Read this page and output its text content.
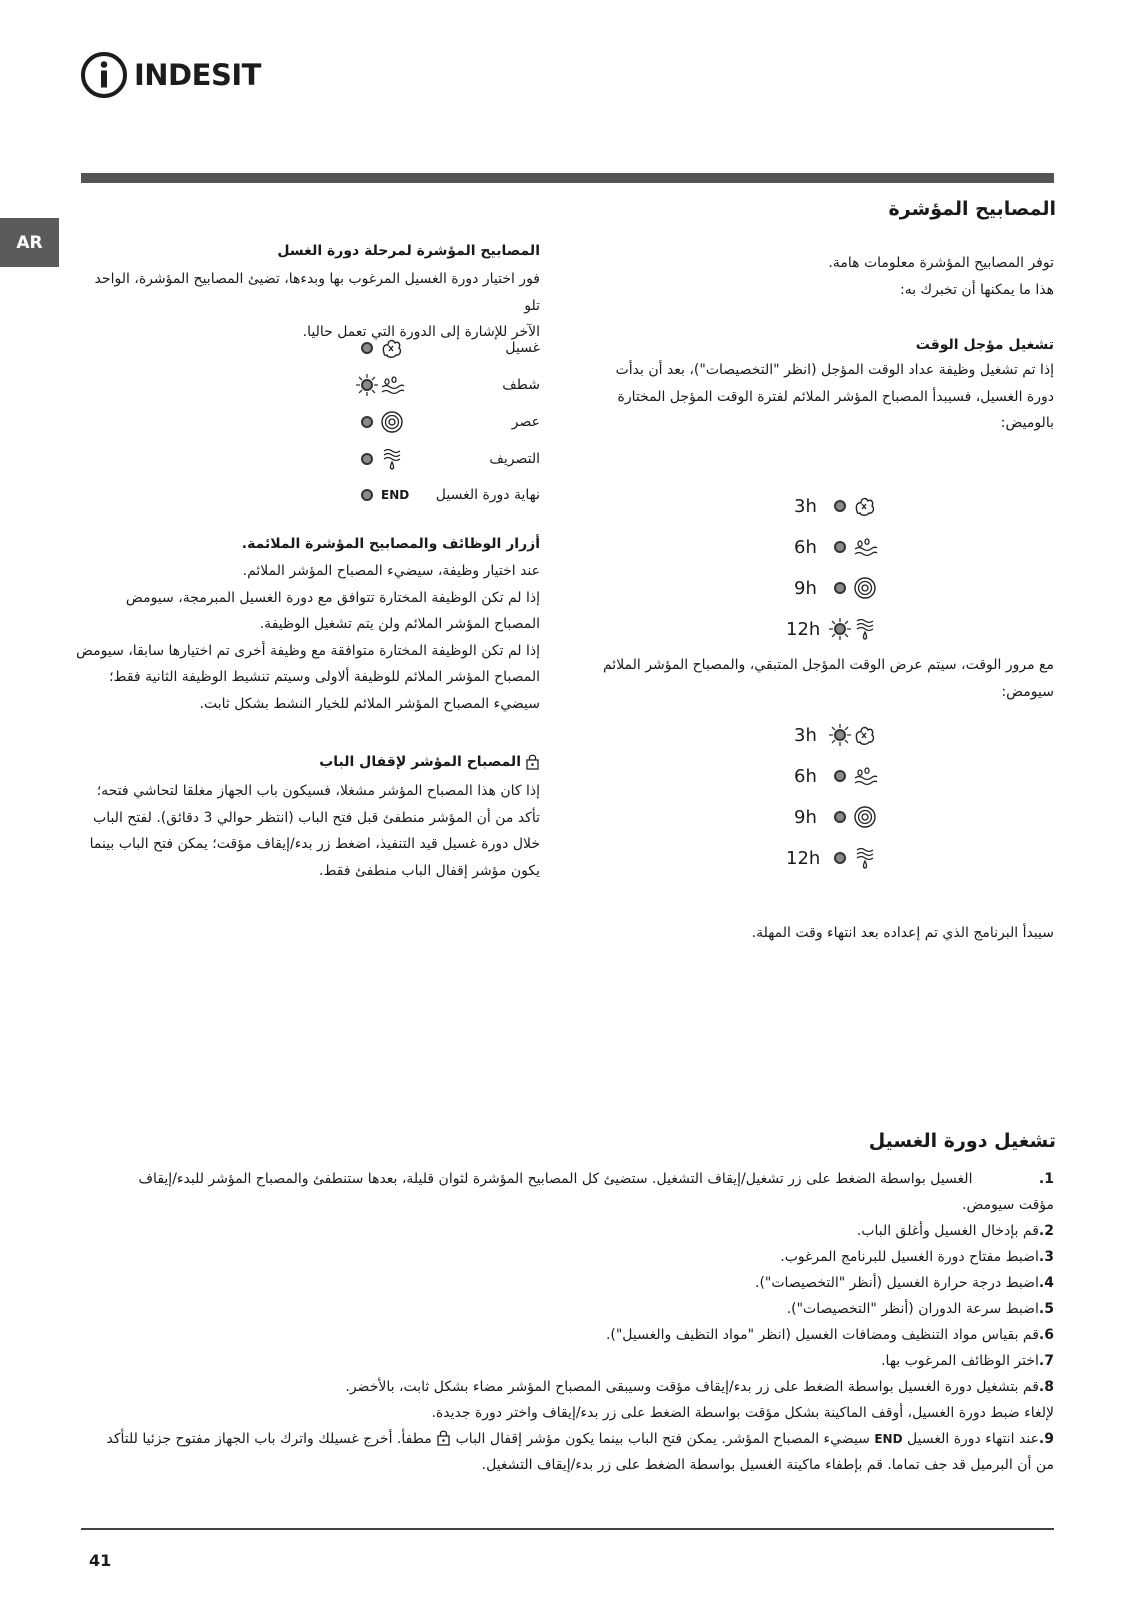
INDESIT
AR
المصابيح المؤشرة
توفر المصابيح المؤشرة معلومات هامة.
هذا ما يمكنها أن تخبرك به:
تشغيل مؤجل الوقت
إذا تم تشغيل وظيفة عداد الوقت المؤجل (انظر "التخصيصات")، بعد أن بدأت
دورة الغسيل، فسيبدأ المصباح المؤشر الملائم لفترة الوقت المؤجل المختارة
بالوميض:
3h
6h
9h
12h
مع مرور الوقت، سيتم عرض الوقت المؤجل المتبقي، والمصباح المؤشر الملائم
سيومض:
3h
6h
9h
12h
سيبدأ البرنامج الذي تم إعداده بعد انتهاء وقت المهلة.
المصابيح المؤشرة لمرحلة دورة الغسل
فور اختيار دورة الغسيل المرغوب بها وبدءها، تضيئ المصابيح المؤشرة، الواحد تلو
الآخر للإشارة إلى الدورة التي تعمل حاليا.
غسيل
شطف
عصر
التصريف
END نهاية دورة الغسيل
أزرار الوظائف والمصابيح المؤشرة الملائمة.
عند اختيار وظيفة، سيضيء المصباح المؤشر الملائم.
إذا لم تكن الوظيفة المختارة تتوافق مع دورة الغسيل المبرمجة، سيومض
المصباح المؤشر الملائم ولن يتم تشغيل الوظيفة.
إذا لم تكن الوظيفة المختارة متوافقة مع وظيفة أخرى تم اختيارها سابقا، سيومض
المصباح المؤشر الملائم للوظيفة ألاولى وسيتم تنشيط الوظيفة الثانية فقط؛
سيضيء المصباح المؤشر الملائم للخيار النشط بشكل ثابت.
المصباح المؤشر لإقفال الباب
إذا كان هذا المصباح المؤشر مشغلا، فسيكون باب الجهاز مغلقا لتحاشي فتحه؛
تأكد من أن المؤشر منطفئ قبل فتح الباب (انتظر حوالي 3 دقائق). لفتح الباب
خلال دورة غسيل قيد التنفيذ، اضغط زر بدء/إيقاف مؤقت؛ يمكن فتح الباب بينما
يكون مؤشر إقفال الباب منطفئ فقط.
تشغيل دورة الغسيل
1. الغسيل بواسطة الضغط على زر تشغيل/إيقاف التشغيل. ستضيئ كل المصابيح المؤشرة لثوان قليلة، بعدها ستنطفئ والمصباح المؤشر للبدء/إيقاف
مؤقت سيومض.
2.قم بإدخال الغسيل وأغلق الباب.
3.اضبط مفتاح دورة الغسيل للبرنامج المرغوب.
4.اضبط درجة حرارة الغسيل (أنظر "التخصيصات").
5.اضبط سرعة الدوران (أنظر "التخصيصات").
6.قم بقياس مواد التنظيف ومضافات الغسيل (انظر "مواد التظيف والغسيل").
7.اختر الوظائف المرغوب بها.
8.قم بتشغيل دورة الغسيل بواسطة الضغط على زر بدء/إيقاف مؤقت وسيبقى المصباح المؤشر مضاء بشكل ثابت، بالأخضر.
لإلغاء ضبط دورة الغسيل، أوقف الماكينة بشكل مؤقت بواسطة الضغط على زر بدء/إيقاف واختر دورة جديدة.
9.عند انتهاء دورة الغسيل END سيضيء المصباح المؤشر. يمكن فتح الباب بينما يكون مؤشر إقفال الباب  مطفأ. أخرج غسيلك واترك باب الجهاز مفتوح جزئيا للتأكد
من أن البرميل قد جف تماما. قم بإطفاء ماكينة الغسيل بواسطة الضغط على زر بدء/إيقاف التشغيل.
41
